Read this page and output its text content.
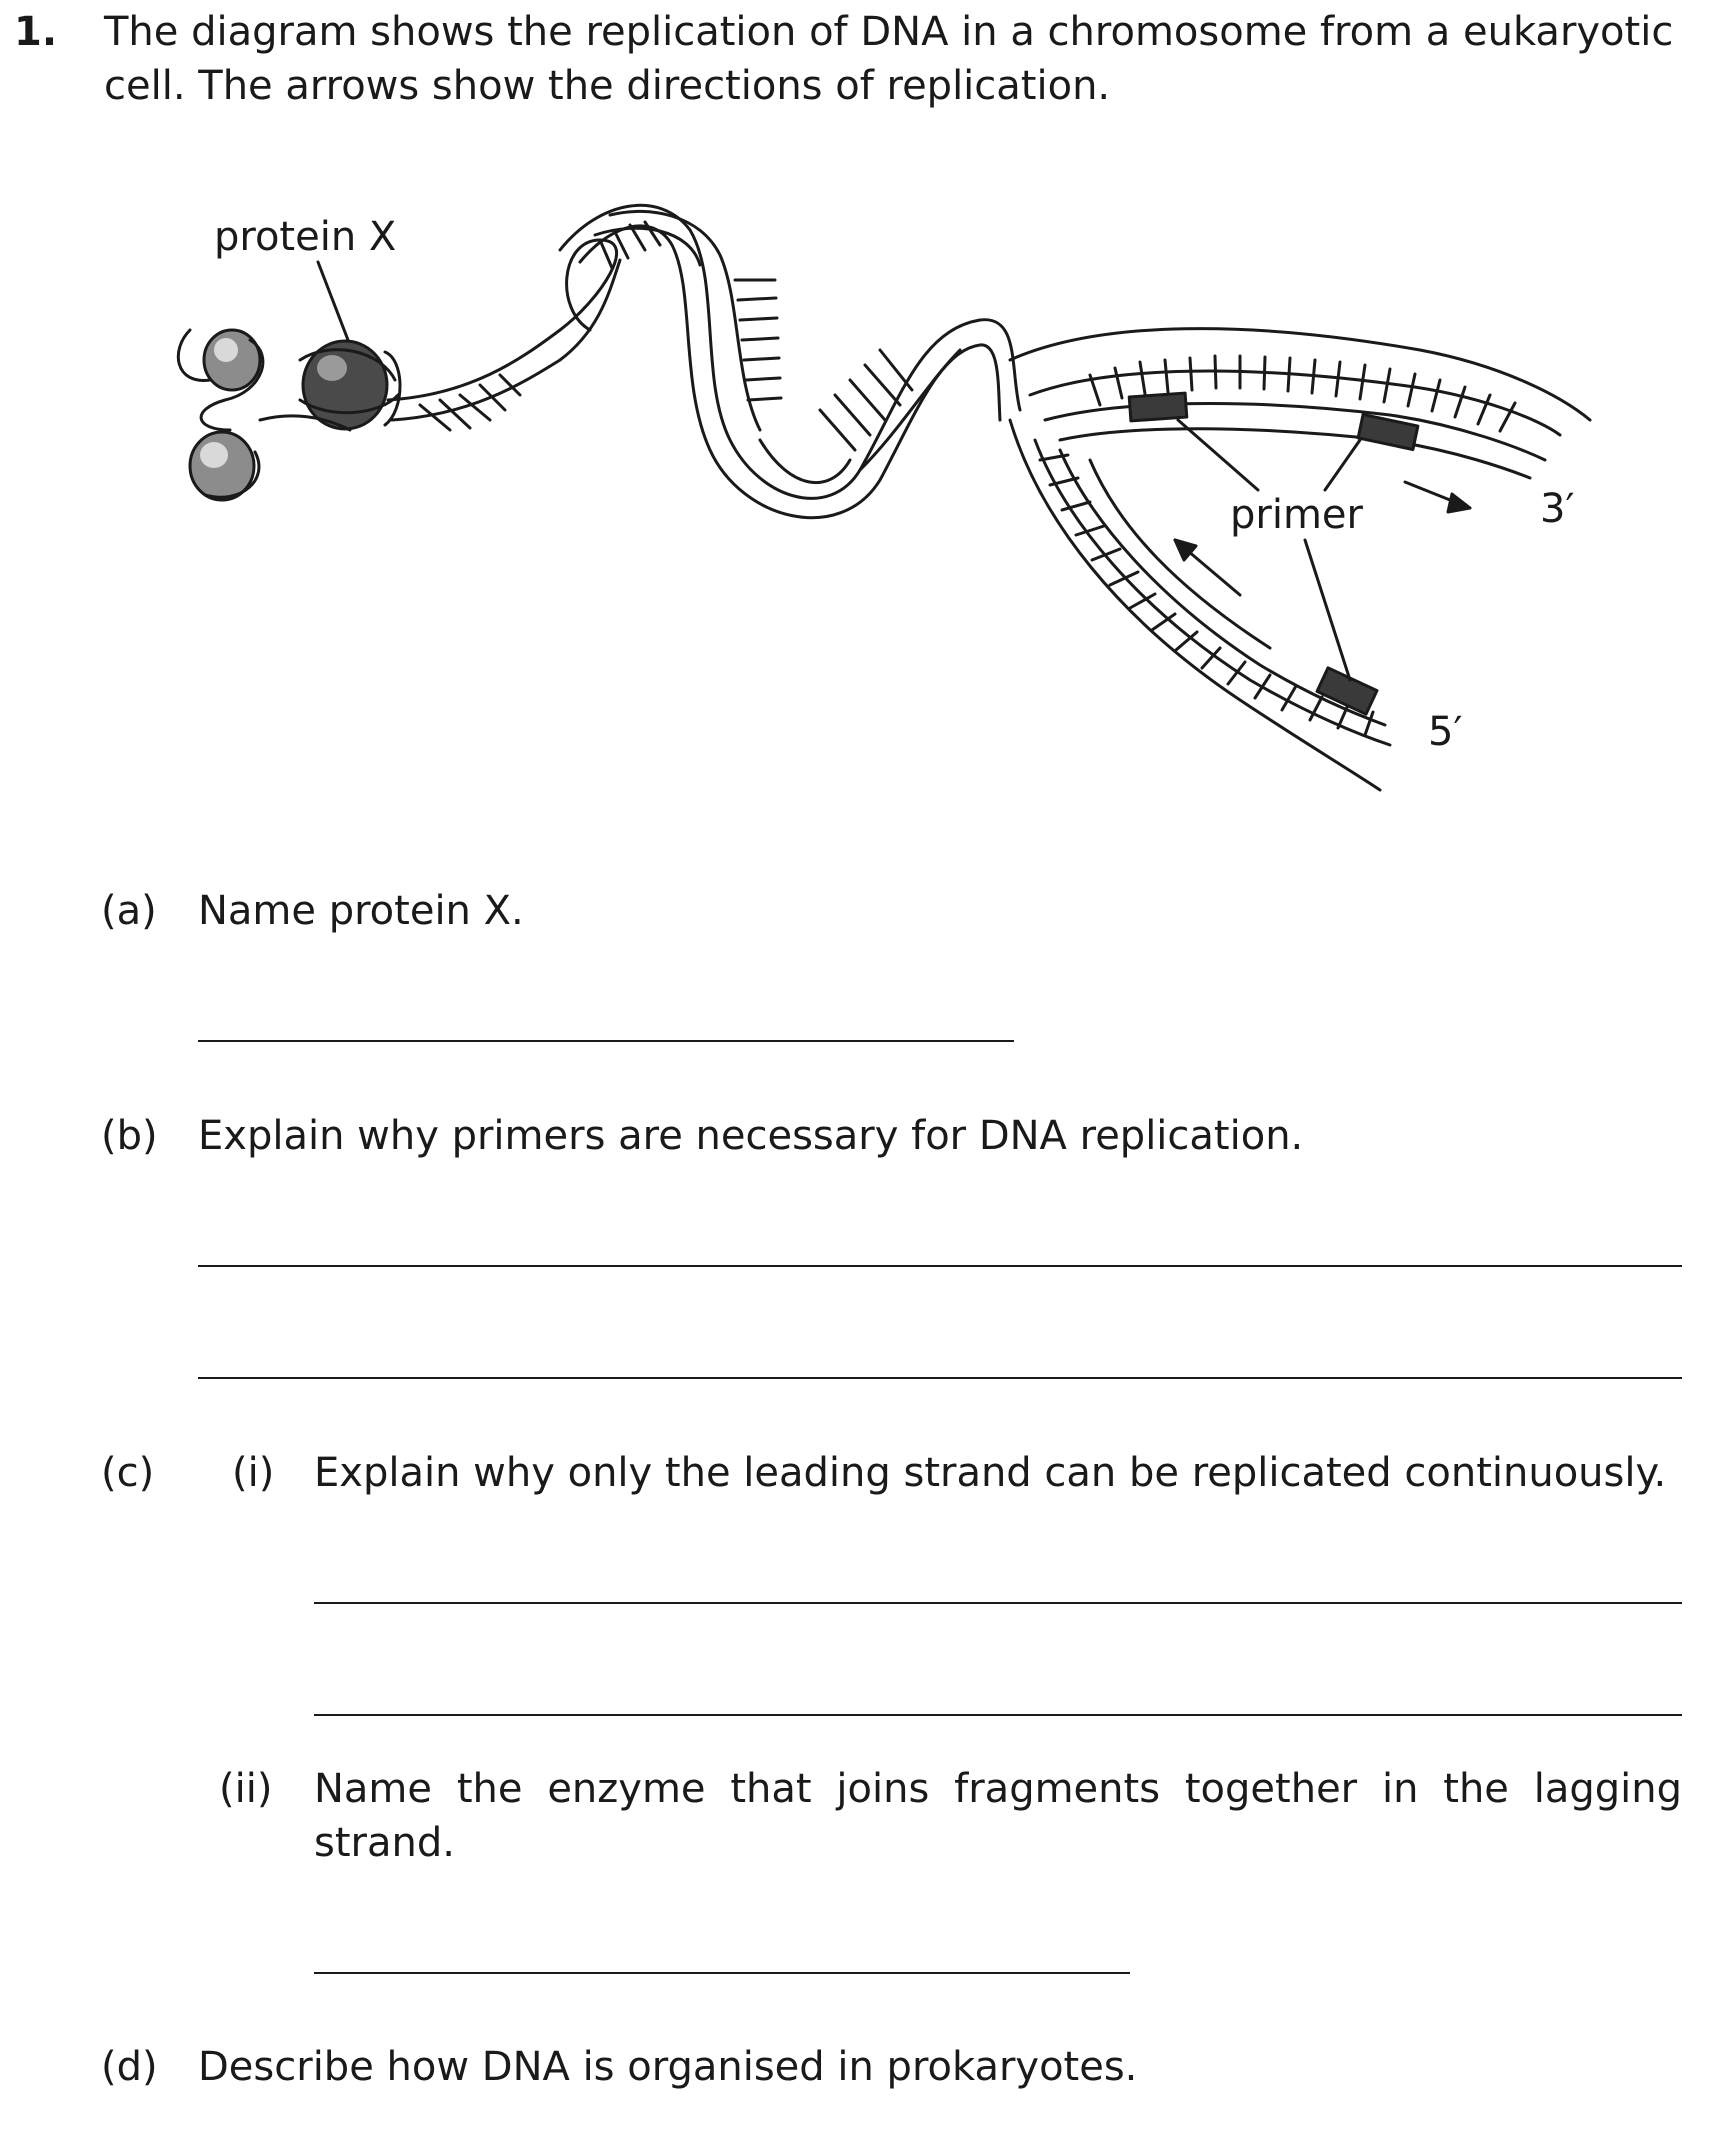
1. The diagram shows the replication of DNA in a chromosome from a eukaryotic
cell. The arrows show the directions of replication.
protein X
primer	3′
5′
(a) Name protein X.
(b) Explain why primers are necessary for DNA replication.
(c) (i) Explain why only the leading strand can be replicated continuously.
(ii) Name the enzyme that joins fragments together in the lagging
strand.
(d) Describe how DNA is organised in prokaryotes.
